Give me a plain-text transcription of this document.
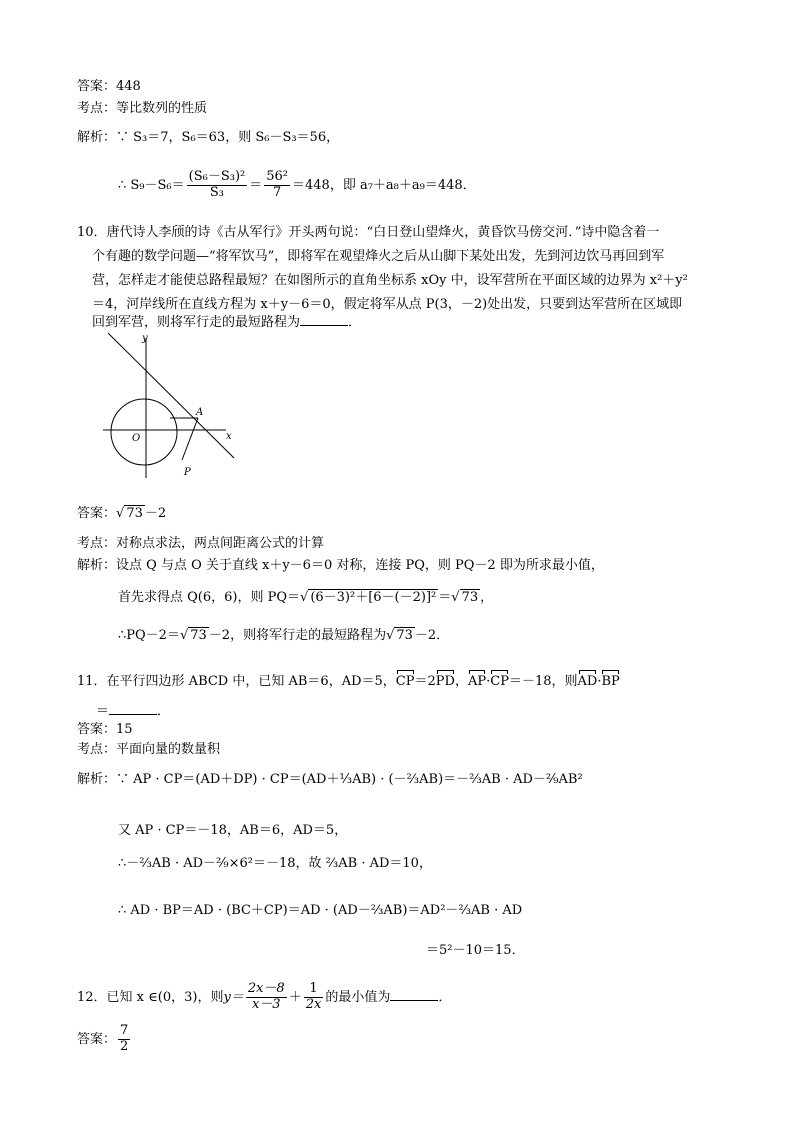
答案：448
考点：等比数列的性质
解析：∵ S₃＝7，S₆＝63，则 S₆－S₃＝56，
∴ $S_9-S_6= \frac{\text{(S₆－S₃)²}}{\text{S₃}} = \frac{\text{56²}}{7} =448$，即 a₇＋a₈＋a₉＝448．
10．唐代诗人李颀的诗《古从军行》开头两句说：“白日登山望烽火，黄昏饮马傍交河．”诗中隐含着一
个有趣的数学问题—“将军饮马”，即将军在观望烽火之后从山脚下某处出发，先到河边饮马再回到军
营，怎样走才能使总路程最短？在如图所示的直角坐标系 xOy 中，设军营所在平面区域的边界为 x²＋y²
＝4，河岸线所在直线方程为 x＋y－6＝0，假定将军从点 P(3，－2)处出发，只要到达军营所在区域即
回到军营，则将军行走的最短路程为	．
y
x
O
A
P
答案：√ 73 －2
考点：对称点求法，两点间距离公式的计算
解析：设点 Q 与点 O 关于直线 x＋y－6＝0 对称，连接 PQ，则 PQ－2 即为所求最小值，
首先求得点 Q(6，6)，则 PQ＝√ (6－3)²＋[6－(－2)]² ＝√ 73 ，
∴PQ－2＝√ 73 －2，则将军行走的最短路程为√ 73 －2．
11．在平行四边形 ABCD 中，已知 AB＝6，AD＝5，CP＝2PD，AP·CP＝－18，则AD·BP
＝	．
答案：15
考点：平面向量的数量积
解析：∵ AP · CP＝(AD＋DP) · CP＝(AD＋⅓AB) · (－⅔AB)＝－⅔AB · AD－²⁄₉AB²
又 AP · CP＝－18，AB＝6，AD＝5，
∴－⅔AB · AD－²⁄₉×6²＝－18，故 ⅔AB · AD＝10，
∴ AD · BP＝AD · (BC＋CP)＝AD · (AD－⅔AB)＝AD²－⅔AB · AD
＝5²－10＝15．
12．已知 x ∈(0，3)，则$y= \frac{2x-8}{x-3} + \frac{1}{2x}$ 的最小值为	．
答案： $\frac{7}{2}$
